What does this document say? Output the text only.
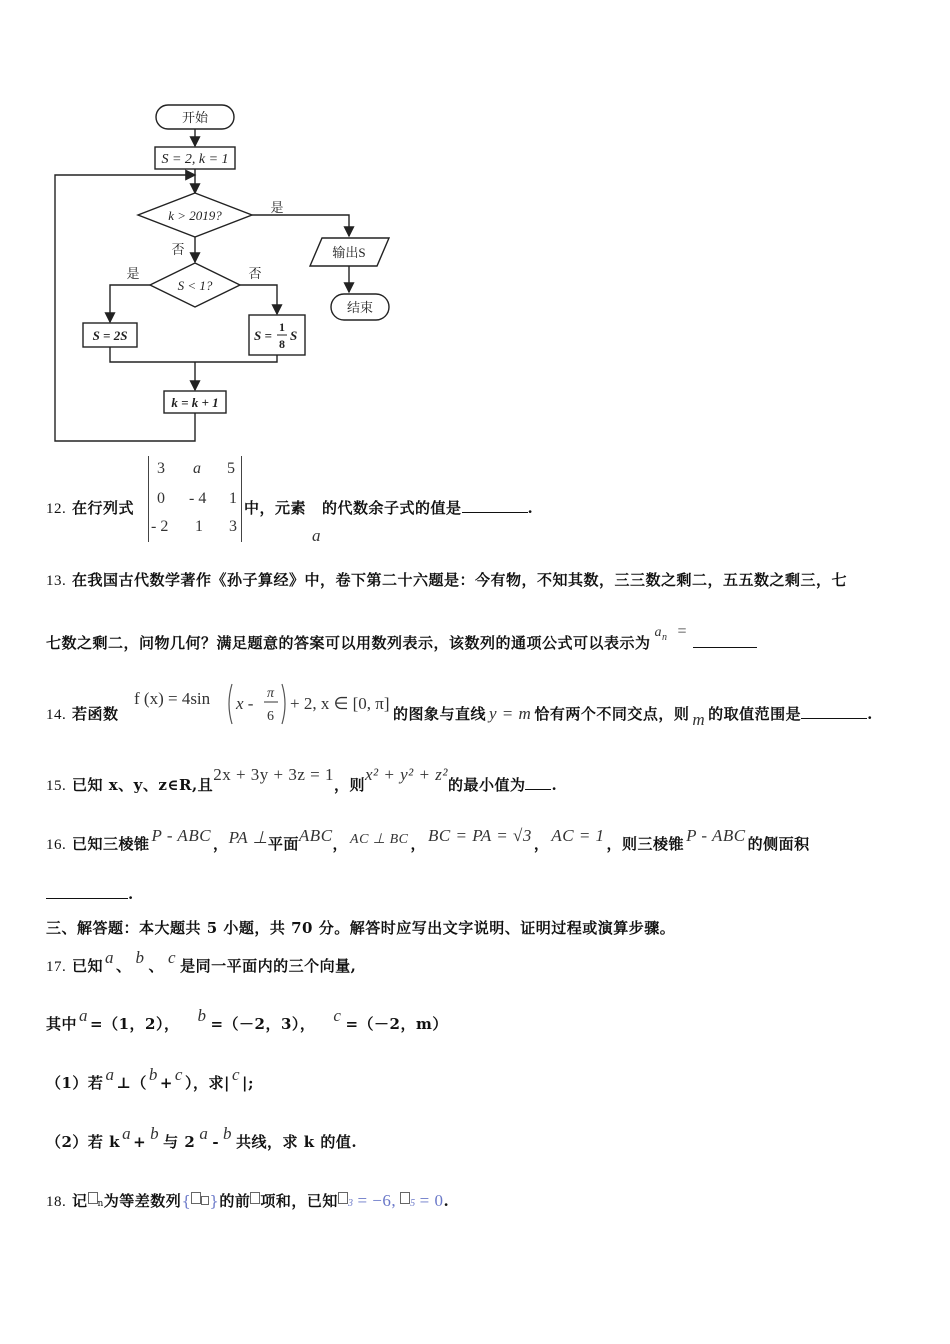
开始
S = 2, k = 1
k > 2019?
是
否
S < 1?
是	否
S = 2S	S =
1
8
S
k = k + 1
输出S
结束
12. 在行列式
3 a 5
0 - 4 1
- 2 1 3
中，元素 的代数余子式的值是	.
a
13. 在我国古代数学著作《孙子算经》中，卷下第二十六题是：今有物，不知其数，三三数之剩二，五五数之剩三，七
七数之剩二，问物几何？满足题意的答案可以用数列表示，该数列的通项公式可以表示为$a^n$ =
14. 若函数
f (x) = 4sin x -
π
6
+ 2, x ∈ [0, π]
的图象与直线 y = m 恰有两个不同交点，则 m 的取值范围是	.
15. 已知 x、y、z∈R,且2x + 3y + 3z = 1，则x² + y² + z²的最小值为 .
16. 已知三棱锥 P - ABC ，PA ⊥平面ABC， AC ⊥ BC ， BC = PA = √3 ， AC = 1 ，则三棱锥 P - ABC 的侧面积
.
三、解答题：本大题共 5 小题，共 70 分。解答时应写出文字说明、证明过程或演算步骤。
17. 已知 a 、 b 、 c 是同一平面内的三个向量,
其中 a =（1，2）， b =（－2，3）， c =（－2，m）
（1）若 a ⊥（ b + c ），求| c |;
（2）若 k a + b 与 2 a - b 共线，求 k 的值.
18. 记 n为等差数列{ }的前 项和，已知 3 = −6, 5 = 0.
